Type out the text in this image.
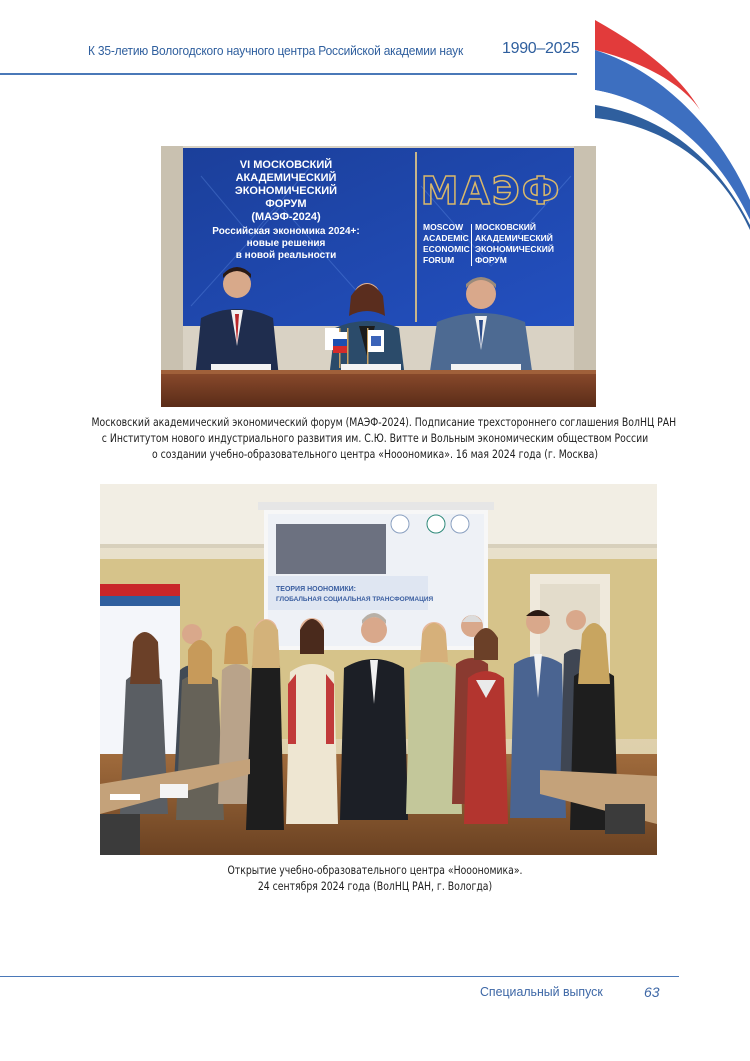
К 35-летию Вологодского научного центра Российской академии наук 1990–2025
VI МОСКОВСКИЙ
АКАДЕМИЧЕСКИЙ
ЭКОНОМИЧЕСКИЙ
ФОРУМ
(МАЭФ-2024)
Российская экономика 2024+:
новые решения
в новой реальности
МАЭФ
MOSCOW
ACADEMIC
ECONOMIC
FORUM
МОСКОВСКИЙ
АКАДЕМИЧЕСКИЙ
ЭКОНОМИЧЕСКИЙ
ФОРУМ
Московский академический экономический форум (МАЭФ-2024). Подписание трехстороннего соглашения ВолНЦ РАН
с Институтом нового индустриального развития им. С.Ю. Витте и Вольным экономическим обществом России
о создании учебно-образовательного центра «Нооономика». 16 мая 2024 года (г. Москва)
ТЕОРИЯ НООНОМИКИ:
ГЛОБАЛЬНАЯ СОЦИАЛЬНАЯ ТРАНСФОРМАЦИЯ
Открытие учебно-образовательного центра «Нооономика».
24 сентября 2024 года (ВолНЦ РАН, г. Вологда)
Специальный выпуск	63
